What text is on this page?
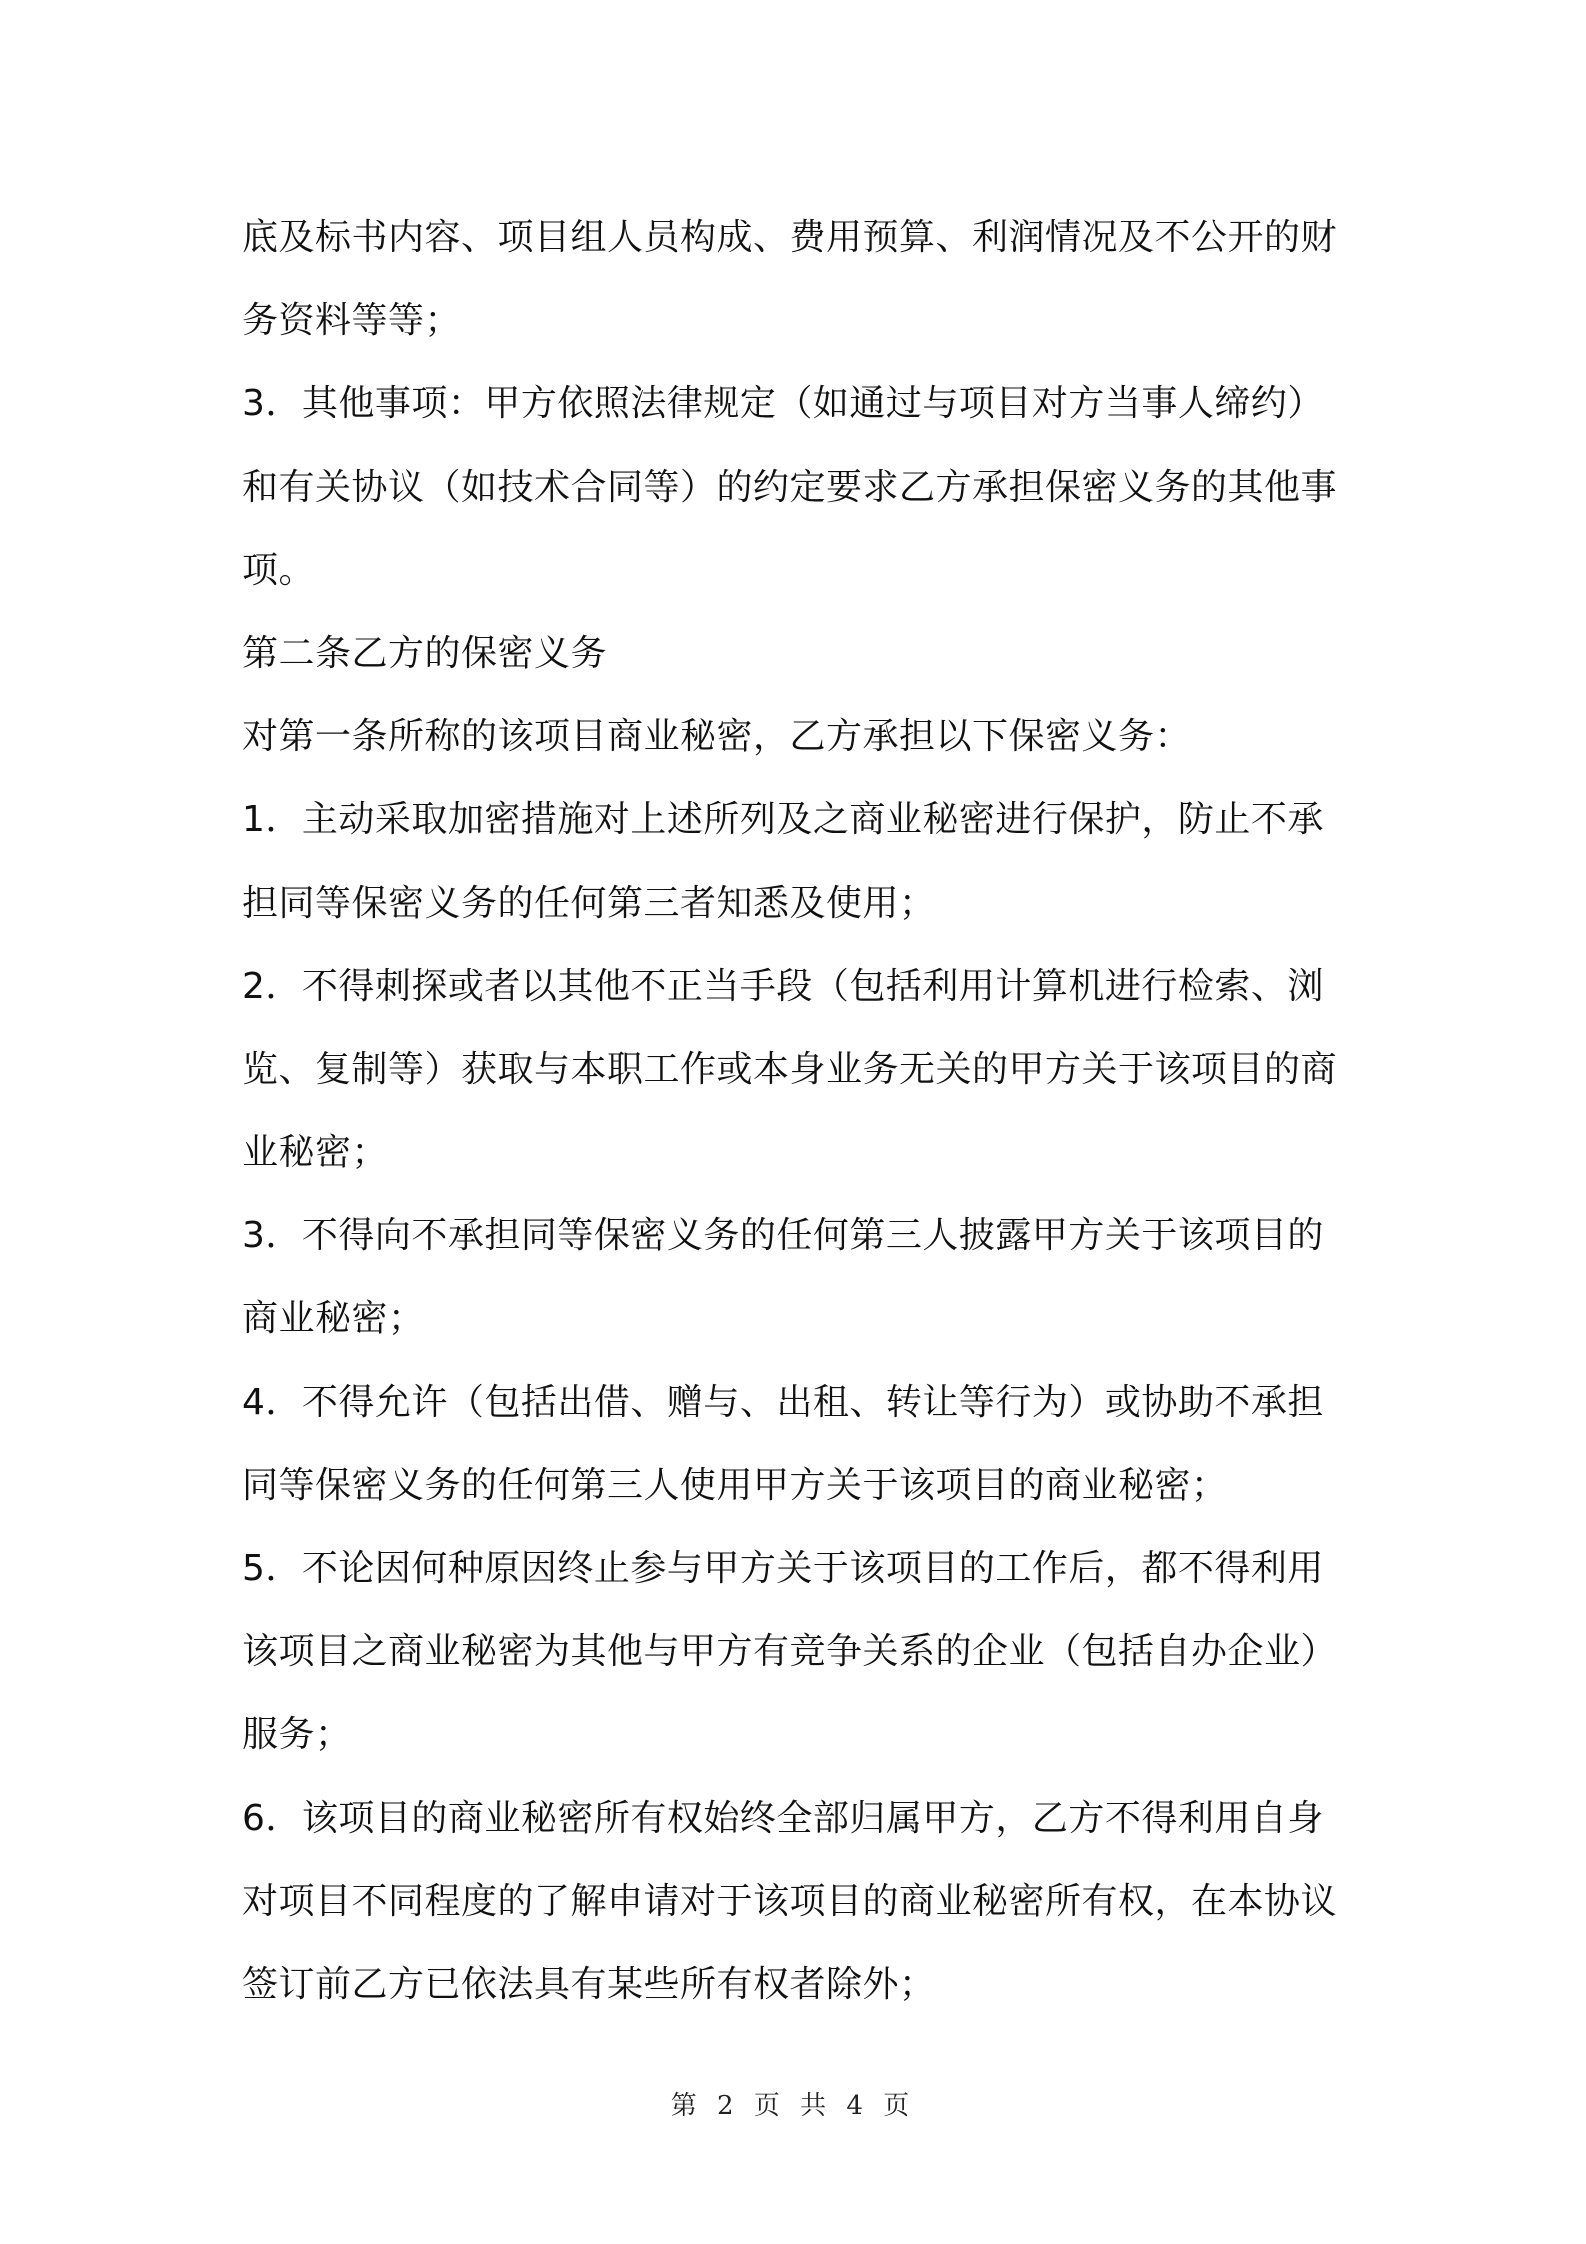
底及标书内容、项目组人员构成、费用预算、利润情况及不公开的财
务资料等等；
3．其他事项：甲方依照法律规定（如通过与项目对方当事人缔约）
和有关协议（如技术合同等）的约定要求乙方承担保密义务的其他事
项。
第二条乙方的保密义务
对第一条所称的该项目商业秘密，乙方承担以下保密义务：
1．主动采取加密措施对上述所列及之商业秘密进行保护，防止不承
担同等保密义务的任何第三者知悉及使用；
2．不得刺探或者以其他不正当手段（包括利用计算机进行检索、浏
览、复制等）获取与本职工作或本身业务无关的甲方关于该项目的商
业秘密；
3．不得向不承担同等保密义务的任何第三人披露甲方关于该项目的
商业秘密；
4．不得允许（包括出借、赠与、出租、转让等行为）或协助不承担
同等保密义务的任何第三人使用甲方关于该项目的商业秘密；
5．不论因何种原因终止参与甲方关于该项目的工作后，都不得利用
该项目之商业秘密为其他与甲方有竞争关系的企业（包括自办企业）
服务；
6．该项目的商业秘密所有权始终全部归属甲方，乙方不得利用自身
对项目不同程度的了解申请对于该项目的商业秘密所有权，在本协议
签订前乙方已依法具有某些所有权者除外；
第 2 页 共 4 页
